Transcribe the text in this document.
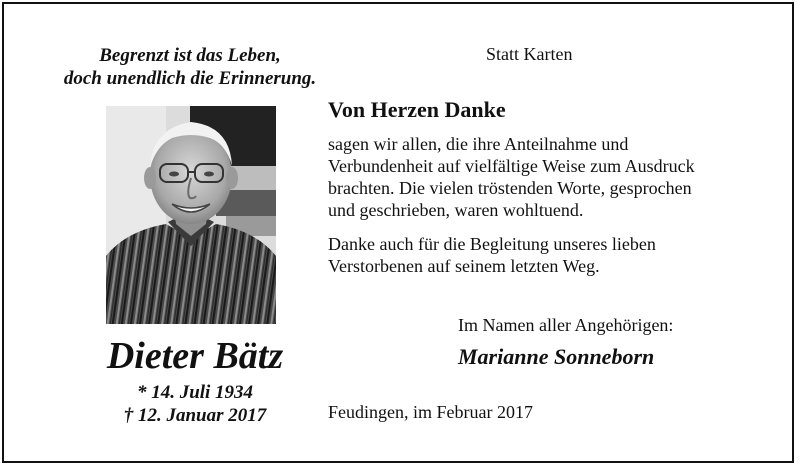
Begrenzt ist das Leben,
doch unendlich die Erinnerung.
Statt Karten
Dieter Bätz
* 14. Juli 1934
† 12. Januar 2017
Von Herzen Danke
sagen wir allen, die ihre Anteilnahme und
Verbundenheit auf vielfältige Weise zum Ausdruck
brachten. Die vielen tröstenden Worte, gesprochen
und geschrieben, waren wohltuend.
Danke auch für die Begleitung unseres lieben
Verstorbenen auf seinem letzten Weg.
Im Namen aller Angehörigen:
Marianne Sonneborn
Feudingen, im Februar 2017
